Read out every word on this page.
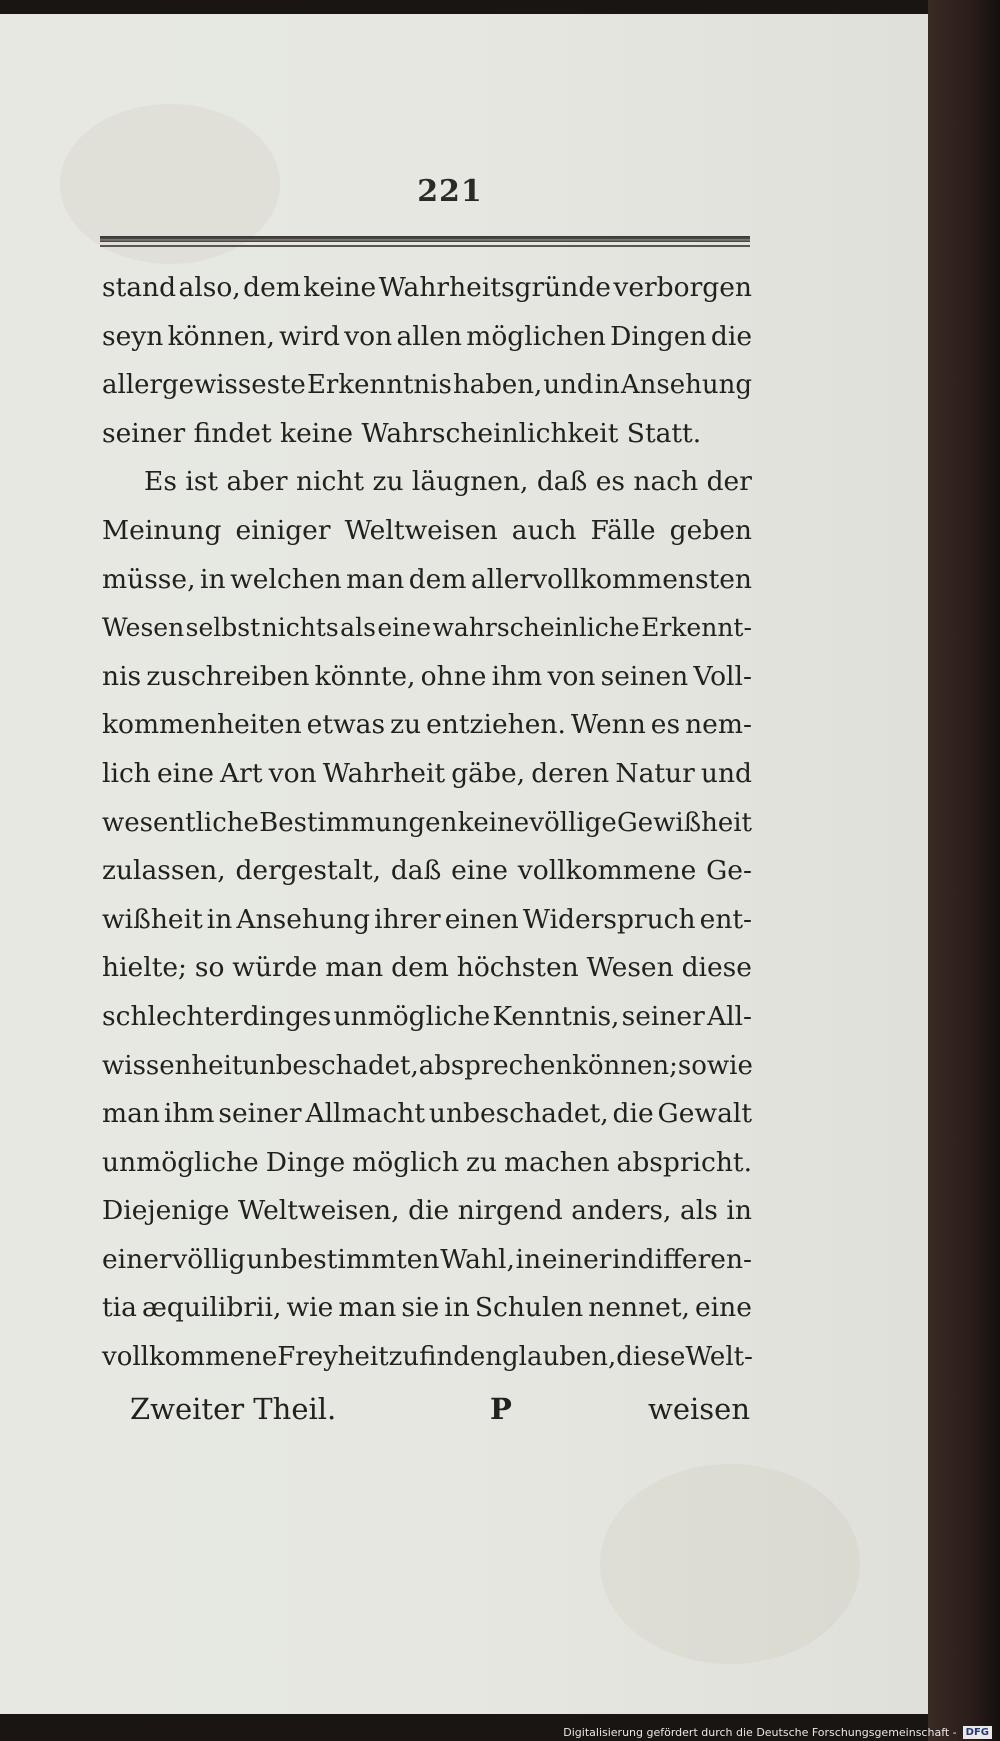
221
stand also, dem keine Wahrheitsgründe verborgen
seyn können, wird von allen möglichen Dingen die
allergewisseste Erkenntnis haben, und in Ansehung
seiner findet keine Wahrscheinlichkeit Statt.
Es ist aber nicht zu läugnen, daß es nach der
Meinung einiger Weltweisen auch Fälle geben
müsse, in welchen man dem allervollkommensten
Wesen selbst nichts als eine wahrscheinliche Erkennt-
nis zuschreiben könnte, ohne ihm von seinen Voll-
kommenheiten etwas zu entziehen. Wenn es nem-
lich eine Art von Wahrheit gäbe, deren Natur und
wesentliche Bestimmungen keine völlige Gewißheit
zulassen, dergestalt, daß eine vollkommene Ge-
wißheit in Ansehung ihrer einen Widerspruch ent-
hielte; so würde man dem höchsten Wesen diese
schlechterdinges unmögliche Kenntnis, seiner All-
wissenheit unbeschadet, absprechen können; so wie
man ihm seiner Allmacht unbeschadet, die Gewalt
unmögliche Dinge möglich zu machen abspricht.
Diejenige Weltweisen, die nirgend anders, als in
einer völlig unbestimmten Wahl, in einer indifferen-
tia æquilibrii, wie man sie in Schulen nennet, eine
vollkommene Freyheit zu finden glauben, diese Welt-
Zweiter Theil.	P	weisen
Digitalisierung gefördert durch die Deutsche Forschungsgemeinschaft - DFG
